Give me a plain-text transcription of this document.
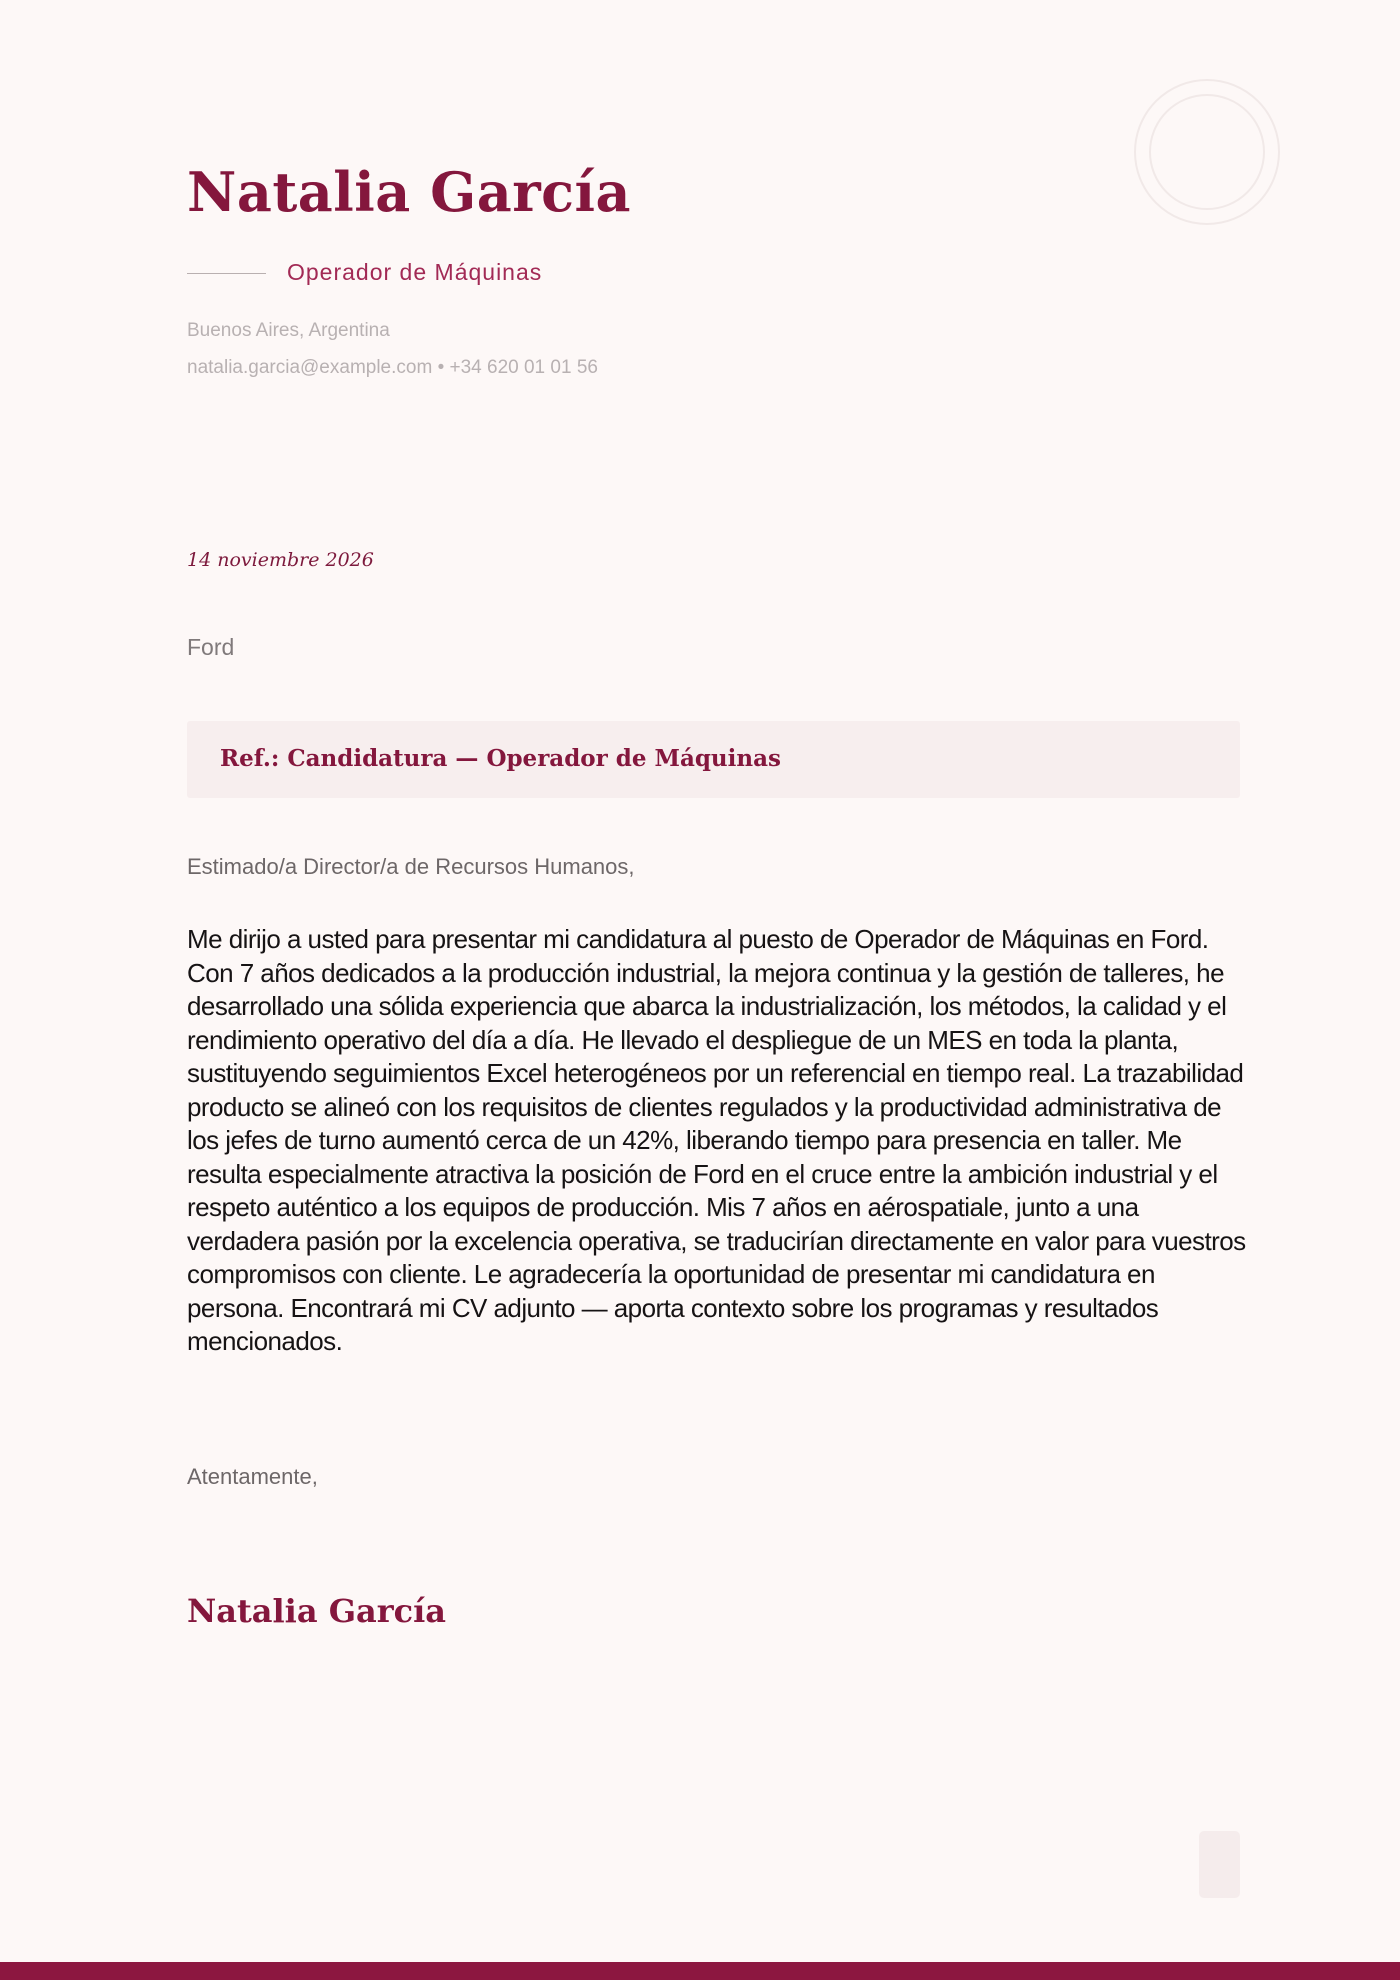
Natalia García
Operador de Máquinas
Buenos Aires, Argentina
natalia.garcia@example.com • +34 620 01 01 56
14 noviembre 2026
Ford
Ref.: Candidatura — Operador de Máquinas
Estimado/a Director/a de Recursos Humanos,

Me dirijo a usted para presentar mi candidatura al puesto de Operador de Máquinas en Ford. Con 7 años dedicados a la producción industrial, la mejora continua y la gestión de talleres, he desarrollado una sólida experiencia que abarca la industrialización, los métodos, la calidad y el rendimiento operativo del día a día. He llevado el despliegue de un MES en toda la planta, sustituyendo seguimientos Excel heterogéneos por un referencial en tiempo real. La trazabilidad producto se alineó con los requisitos de clientes regulados y la productividad administrativa de los jefes de turno aumentó cerca de un 42%, liberando tiempo para presencia en taller. Me resulta especialmente atractiva la posición de Ford en el cruce entre la ambición industrial y el respeto auténtico a los equipos de producción. Mis 7 años en aérospatiale, junto a una verdadera pasión por la excelencia operativa, se traducirían directamente en valor para vuestros compromisos con cliente. Le agradecería la oportunidad de presentar mi candidatura en persona. Encontrará mi CV adjunto — aporta contexto sobre los programas y resultados mencionados.

Atentamente,
Natalia García
